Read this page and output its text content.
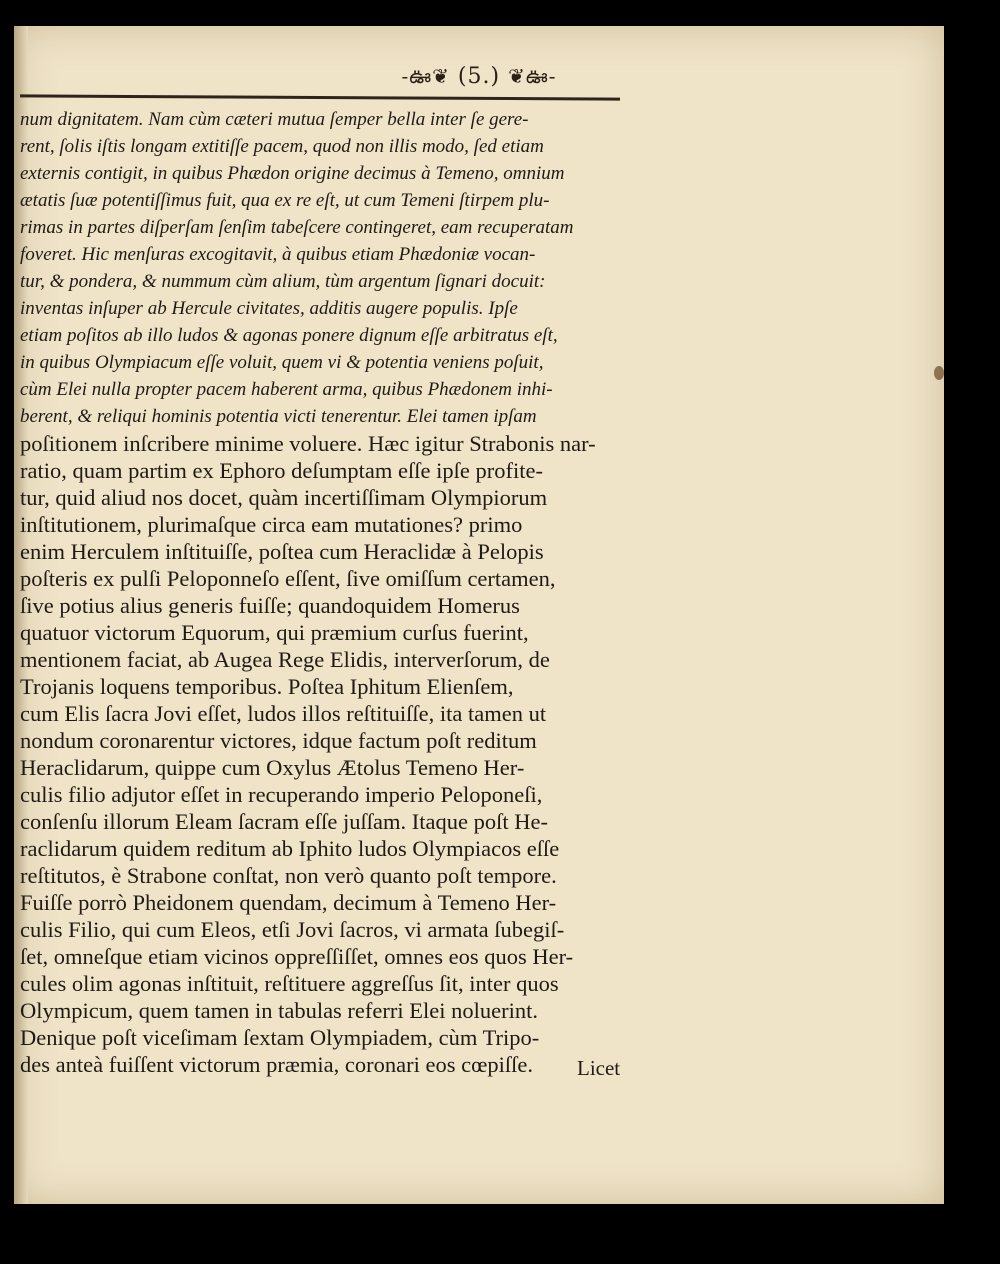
-ఊ❦ (5.) ❦ఊ-
num dignitatem. Nam cùm cæteri mutua ſemper bella inter ſe gere-
rent, ſolis iſtis longam extitiſſe pacem, quod non illis modo, ſed etiam
externis contigit, in quibus Phædon origine decimus à Temeno, omnium
ætatis ſuæ potentiſſimus fuit, qua ex re eſt, ut cum Temeni ſtirpem plu-
rimas in partes diſperſam ſenſim tabeſcere contingeret, eam recuperatam
foveret. Hic menſuras excogitavit, à quibus etiam Phædoniæ vocan-
tur, & pondera, & nummum cùm alium, tùm argentum ſignari docuit:
inventas inſuper ab Hercule civitates, additis augere populis. Ipſe
etiam poſitos ab illo ludos & agonas ponere dignum eſſe arbitratus eſt,
in quibus Olympiacum eſſe voluit, quem vi & potentia veniens poſuit,
cùm Elei nulla propter pacem haberent arma, quibus Phædonem inhi-
berent, & reliqui hominis potentia victi tenerentur. Elei tamen ipſam
poſitionem inſcribere minime voluere. Hæc igitur Strabonis nar-
ratio, quam partim ex Ephoro deſumptam eſſe ipſe profite-
tur, quid aliud nos docet, quàm incertiſſimam Olympiorum
inſtitutionem, plurimaſque circa eam mutationes? primo
enim Herculem inſtituiſſe, poſtea cum Heraclidæ à Pelopis
poſteris ex pulſi Peloponneſo eſſent, ſive omiſſum certamen,
ſive potius alius generis fuiſſe; quandoquidem Homerus
quatuor victorum Equorum, qui præmium curſus fuerint,
mentionem faciat, ab Augea Rege Elidis, interverſorum, de
Trojanis loquens temporibus. Poſtea Iphitum Elienſem,
cum Elis ſacra Jovi eſſet, ludos illos reſtituiſſe, ita tamen ut
nondum coronarentur victores, idque factum poſt reditum
Heraclidarum, quippe cum Oxylus Ætolus Temeno Her-
culis filio adjutor eſſet in recuperando imperio Peloponeſi,
conſenſu illorum Eleam ſacram eſſe juſſam. Itaque poſt He-
raclidarum quidem reditum ab Iphito ludos Olympiacos eſſe
reſtitutos, è Strabone conſtat, non verò quanto poſt tempore.
Fuiſſe porrò Pheidonem quendam, decimum à Temeno Her-
culis Filio, qui cum Eleos, etſi Jovi ſacros, vi armata ſubegiſ-
ſet, omneſque etiam vicinos oppreſſiſſet, omnes eos quos Her-
cules olim agonas inſtituit, reſtituere aggreſſus ſit, inter quos
Olympicum, quem tamen in tabulas referri Elei noluerint.
Denique poſt viceſimam ſextam Olympiadem, cùm Tripo-
des anteà fuiſſent victorum præmia, coronari eos cœpiſſe.	Licet
